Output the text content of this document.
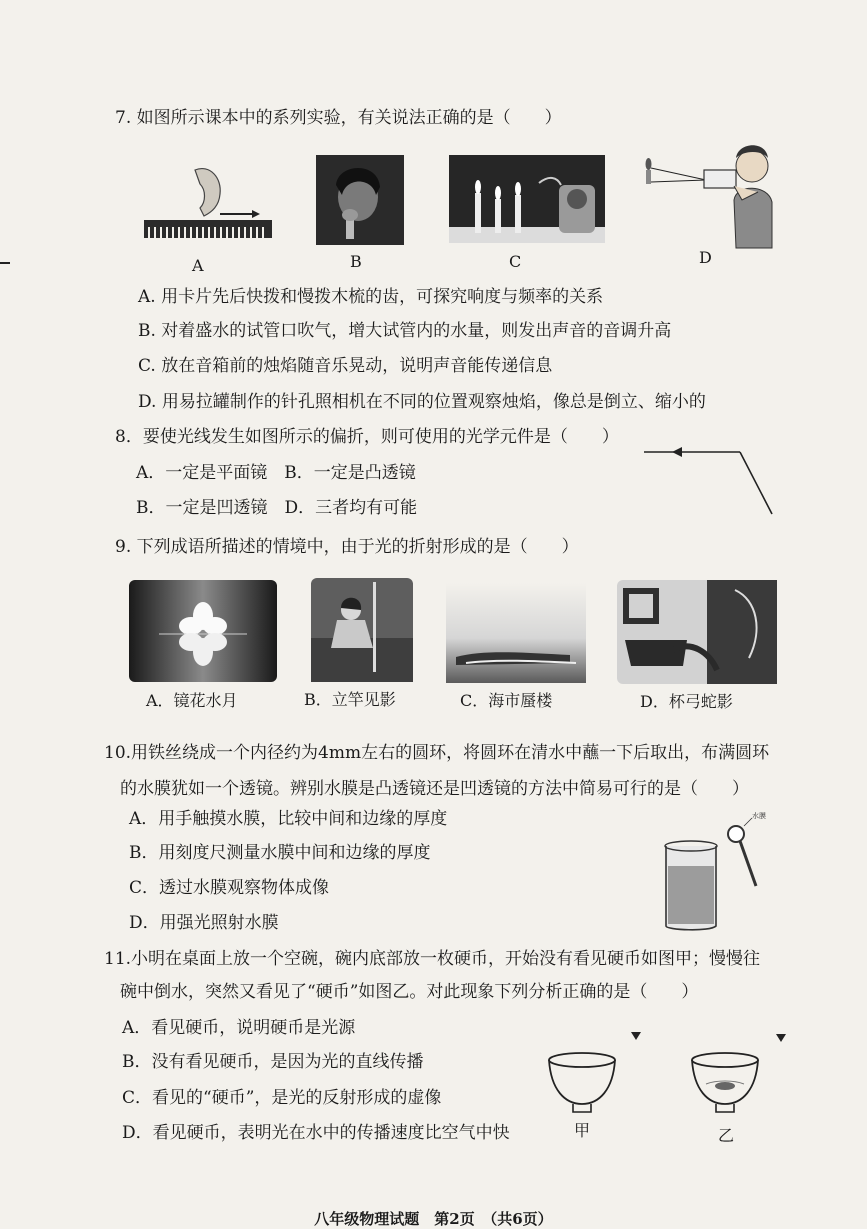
7. 如图所示课本中的系列实验，有关说法正确的是（　　）
A	B	C	D
A. 用卡片先后快拨和慢拨木梳的齿，可探究响度与频率的关系
B. 对着盛水的试管口吹气，增大试管内的水量，则发出声音的音调升高
C. 放在音箱前的烛焰随音乐晃动，说明声音能传递信息
D. 用易拉罐制作的针孔照相机在不同的位置观察烛焰，像总是倒立、缩小的
8．要使光线发生如图所示的偏折，则可使用的光学元件是（　　）
A．一定是平面镜　B．一定是凸透镜
B．一定是凹透镜　D．三者均有可能
9. 下列成语所描述的情境中，由于光的折射形成的是（　　）
A．镜花水月	B．立竿见影	C．海市蜃楼	D．杯弓蛇影
10.用铁丝绕成一个内径约为4mm左右的圆环，将圆环在清水中蘸一下后取出，布满圆环
的水膜犹如一个透镜。辨别水膜是凸透镜还是凹透镜的方法中简易可行的是（　　）
A．用手触摸水膜，比较中间和边缘的厚度
B．用刻度尺测量水膜中间和边缘的厚度
C．透过水膜观察物体成像
D．用强光照射水膜
水膜
11.小明在桌面上放一个空碗，碗内底部放一枚硬币，开始没有看见硬币如图甲；慢慢往
碗中倒水，突然又看见了“硬币”如图乙。对此现象下列分析正确的是（　　）
A．看见硬币，说明硬币是光源
B．没有看见硬币，是因为光的直线传播
C．看见的“硬币”，是光的反射形成的虚像
D．看见硬币，表明光在水中的传播速度比空气中快	甲	乙
八年级物理试题　第2页　（共6页）
